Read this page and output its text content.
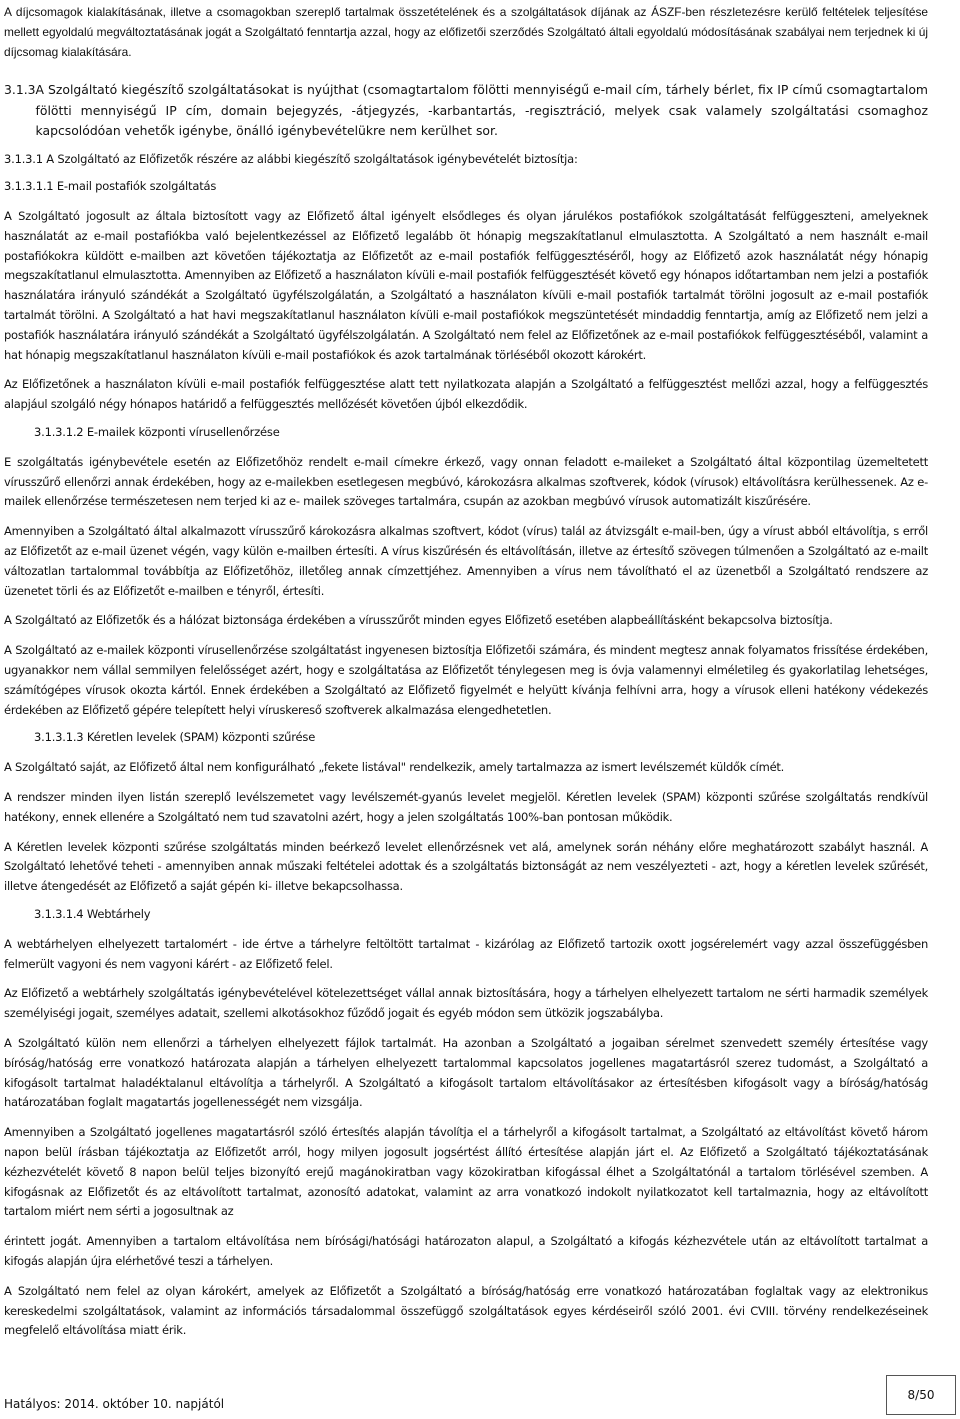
A díjcsomagok kialakításának, illetve a csomagokban szereplő tartalmak összetételének és a szolgáltatások díjának az ÁSZF-ben részletezésre kerülő feltételek teljesítése mellett egyoldalú megváltoztatásának jogát a Szolgáltató fenntartja azzal, hogy az előfizetői szerződés Szolgáltató általi egyoldalú módosításának szabályai nem terjednek ki új díjcsomag kialakítására.

3.1.3 A Szolgáltató kiegészítő szolgáltatásokat is nyújthat (csomagtartalom fölötti mennyiségű e-mail cím, tárhely bérlet, fix IP című csomagtartalom fölötti mennyiségű IP cím, domain bejegyzés, -átjegyzés, -karbantartás, -regisztráció, melyek csak valamely szolgáltatási csomaghoz kapcsolódóan vehetők igénybe, önálló igénybevételükre nem kerülhet sor.
3.1.3.1 A Szolgáltató az Előfizetők részére az alábbi kiegészítő szolgáltatások igénybevételét biztosítja:
3.1.3.1.1 E-mail postafiók szolgáltatás

A Szolgáltató jogosult az általa biztosított vagy az Előfizető által igényelt elsődleges és olyan járulékos postafiókok szolgáltatását felfüggeszteni, amelyeknek használatát az e-mail postafiókba való bejelentkezéssel az Előfizető legalább öt hónapig megszakítatlanul elmulasztotta. A Szolgáltató a nem használt e-mail postafiókokra küldött e-mailben azt követően tájékoztatja az Előfizetőt az e-mail postafiók felfüggesztéséről, hogy az Előfizető azok használatát négy hónapig megszakítatlanul elmulasztotta. Amennyiben az Előfizető a használaton kívüli e-mail postafiók felfüggesztését követő egy hónapos időtartamban nem jelzi a postafiók használatára irányuló szándékát a Szolgáltató ügyfélszolgálatán, a Szolgáltató a használaton kívüli e-mail postafiók tartalmát törölni jogosult az e-mail postafiók tartalmát törölni. A Szolgáltató a hat havi megszakítatlanul használaton kívüli e-mail postafiókok megszüntetését mindaddig fenntartja, amíg az Előfizető nem jelzi a postafiók használatára irányuló szándékát a Szolgáltató ügyfélszolgálatán. A Szolgáltató nem felel az Előfizetőnek az e-mail postafiókok felfüggesztéséből, valamint a hat hónapig megszakítatlanul használaton kívüli e-mail postafiókok és azok tartalmának törléséből okozott károkért.

Az Előfizetőnek a használaton kívüli e-mail postafiók felfüggesztése alatt tett nyilatkozata alapján a Szolgáltató a felfüggesztést mellőzi azzal, hogy a felfüggesztés alapjául szolgáló négy hónapos határidő a felfüggesztés mellőzését követően újból elkezdődik.

3.1.3.1.2 E-mailek központi vírusellenőrzése

E szolgáltatás igénybevétele esetén az Előfizetőhöz rendelt e-mail címekre érkező, vagy onnan feladott e-maileket a Szolgáltató által központilag üzemeltetett vírusszűrő ellenőrzi annak érdekében, hogy az e-mailekben esetlegesen megbúvó, károkozásra alkalmas szoftverek, kódok (vírusok) eltávolításra kerülhessenek. Az e-mailek ellenőrzése természetesen nem terjed ki az e- mailek szöveges tartalmára, csupán az azokban megbúvó vírusok automatizált kiszűrésére.

Amennyiben a Szolgáltató által alkalmazott vírusszűrő károkozásra alkalmas szoftvert, kódot (vírus) talál az átvizsgált e-mail-ben, úgy a vírust abból eltávolítja, s erről az Előfizetőt az e-mail üzenet végén, vagy külön e-mailben értesíti. A vírus kiszűrésén és eltávolításán, illetve az értesítő szövegen túlmenően a Szolgáltató az e-mailt változatlan tartalommal továbbítja az Előfizetőhöz, illetőleg annak címzettjéhez. Amennyiben a vírus nem távolítható el az üzenetből a Szolgáltató rendszere az üzenetet törli és az Előfizetőt e-mailben e tényről, értesíti.

A Szolgáltató az Előfizetők és a hálózat biztonsága érdekében a vírusszűrőt minden egyes Előfizető esetében alapbeállításként bekapcsolva biztosítja.

A Szolgáltató az e-mailek központi vírusellenőrzése szolgáltatást ingyenesen biztosítja Előfizetői számára, és mindent megtesz annak folyamatos frissítése érdekében, ugyanakkor nem vállal semmilyen felelősséget azért, hogy e szolgáltatása az Előfizetőt ténylegesen meg is óvja valamennyi elméletileg és gyakorlatilag lehetséges, számítógépes vírusok okozta kártól. Ennek érdekében a Szolgáltató az Előfizető figyelmét e helyütt kívánja felhívni arra, hogy a vírusok elleni hatékony védekezés érdekében az Előfizető gépére telepített helyi víruskereső szoftverek alkalmazása elengedhetetlen.

3.1.3.1.3 Kéretlen levelek (SPAM) központi szűrése

A Szolgáltató saját, az Előfizető által nem konfigurálható „fekete listával" rendelkezik, amely tartalmazza az ismert levélszemét küldők címét.

A rendszer minden ilyen listán szereplő levélszemetet vagy levélszemét-gyanús levelet megjelöl. Kéretlen levelek (SPAM) központi szűrése szolgáltatás rendkívül hatékony, ennek ellenére a Szolgáltató nem tud szavatolni azért, hogy a jelen szolgáltatás 100%-ban pontosan működik.

A Kéretlen levelek központi szűrése szolgáltatás minden beérkező levelet ellenőrzésnek vet alá, amelynek során néhány előre meghatározott szabályt használ. A Szolgáltató lehetővé teheti - amennyiben annak műszaki feltételei adottak és a szolgáltatás biztonságát az nem veszélyezteti - azt, hogy a kéretlen levelek szűrését, illetve átengedését az Előfizető a saját gépén ki- illetve bekapcsolhassa.

3.1.3.1.4 Webtárhely

A webtárhelyen elhelyezett tartalomért - ide értve a tárhelyre feltöltött tartalmat - kizárólag az Előfizető tartozik oxott jogsérelemért vagy azzal összefüggésben felmerült vagyoni és nem vagyoni kárért - az Előfizető felel.

Az Előfizető a webtárhely szolgáltatás igénybevételével kötelezettséget vállal annak biztosítására, hogy a tárhelyen elhelyezett tartalom ne sérti harmadik személyek személyiségi jogait, személyes adatait, szellemi alkotásokhoz fűződő jogait és egyéb módon sem ütközik jogszabályba.

A Szolgáltató külön nem ellenőrzi a tárhelyen elhelyezett fájlok tartalmát. Ha azonban a Szolgáltató a jogaiban sérelmet szenvedett személy értesítése vagy bíróság/hatóság erre vonatkozó határozata alapján a tárhelyen elhelyezett tartalommal kapcsolatos jogellenes magatartásról szerez tudomást, a Szolgáltató a kifogásolt tartalmat haladéktalanul eltávolítja a tárhelyről. A Szolgáltató a kifogásolt tartalom eltávolításakor az értesítésben kifogásolt vagy a bíróság/hatóság határozatában foglalt magatartás jogellenességét nem vizsgálja.

Amennyiben a Szolgáltató jogellenes magatartásról szóló értesítés alapján távolítja el a tárhelyről a kifogásolt tartalmat, a Szolgáltató az eltávolítást követő három napon belül írásban tájékoztatja az Előfizetőt arról, hogy milyen jogosult jogsértést állító értesítése alapján járt el. Az Előfizető a Szolgáltató tájékoztatásának kézhezvételét követő 8 napon belül teljes bizonyító erejű magánokiratban vagy közokiratban kifogással élhet a Szolgáltatónál a tartalom törlésével szemben. A kifogásnak az Előfizetőt és az eltávolított tartalmat, azonosító adatokat, valamint az arra vonatkozó indokolt nyilatkozatot kell tartalmaznia, hogy az eltávolított tartalom miért nem sérti a jogosultnak az

érintett jogát. Amennyiben a tartalom eltávolítása nem bírósági/hatósági határozaton alapul, a Szolgáltató a kifogás kézhezvétele után az eltávolított tartalmat a kifogás alapján újra elérhetővé teszi a tárhelyen.

A Szolgáltató nem felel az olyan károkért, amelyek az Előfizetőt a Szolgáltató a bíróság/hatóság erre vonatkozó határozatában foglaltak vagy az elektronikus kereskedelmi szolgáltatások, valamint az információs társadalommal összefüggő szolgáltatások egyes kérdéseiről szóló 2001. évi CVIII. törvény rendelkezéseinek megfelelő eltávolítása miatt érik.

Hatályos: 2014. október 10. napjától
8/50
